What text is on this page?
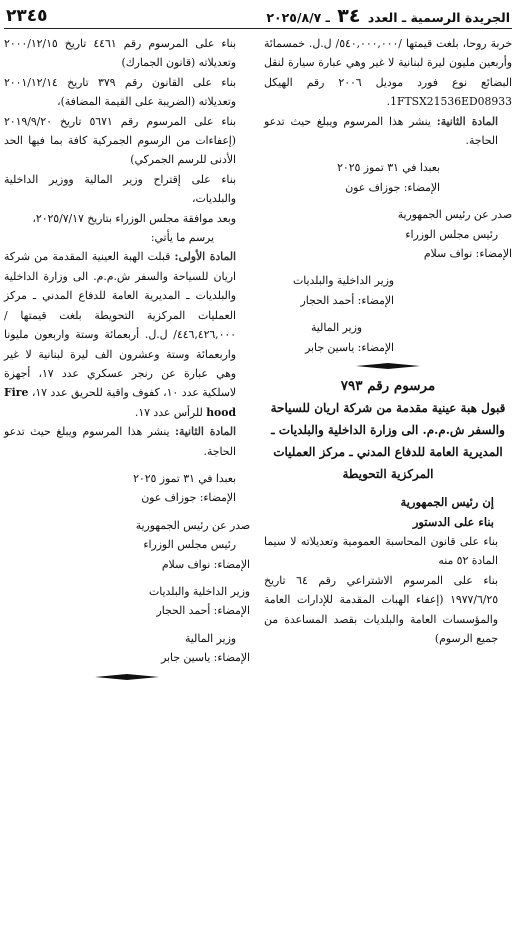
الجريدة الرسمية ـ العدد ٣٤ ـ ٢٠٢٥/٨/٧
٢٣٤٥

خربة روحا، بلغت قيمتها /٥٤٠,٠٠٠,٠٠٠/ ل.ل. خمسمائة وأربعين مليون ليرة لبنانية لا غير وهي عبارة سيارة لنقل البضائع نوع فورد موديل ٢٠٠٦ رقم الهيكل 1FTSX21536ED08933.

المادة الثانية: ينشر هذا المرسوم ويبلغ حيث تدعو الحاجة.

بعبدا في ٣١ تموز ٢٠٢٥

الإمضاء: جوزاف عون

صدر عن رئيس الجمهورية

رئيس مجلس الوزراء

الإمضاء: نواف سلام

وزير الداخلية والبلديات

الإمضاء: أحمد الحجار

وزير المالية

الإمضاء: ياسين جابر

مرسوم رقم ٧٩٣

قبول هبة عينية مقدمة من شركة اريان للسياحة والسفر ش.م.م. الى وزارة الداخلية والبلديات ـ المديرية العامة للدفاع المدني ـ مركز العمليات المركزية التحويطة

إن رئيس الجمهورية

بناء على الدستور

بناء على قانون المحاسبة العمومية وتعديلاته لا سيما المادة ٥٢ منه

بناء على المرسوم الاشتراعي رقم ٦٤ تاريخ ١٩٧٧/٦/٢٥ (إعفاء الهبات المقدمة للإدارات العامة والمؤسسات العامة والبلديات بقصد المساعدة من جميع الرسوم)

بناء على المرسوم رقم ٤٤٦١ تاريخ ٢٠٠٠/١٢/١٥ وتعديلاته (قانون الجمارك)

بناء على القانون رقم ٣٧٩ تاريخ ٢٠٠١/١٢/١٤ وتعديلاته (الضريبة على القيمة المضافة)،

بناء على المرسوم رقم ٥٦٧١ تاريخ ٢٠١٩/٩/٢٠ (إعفاءات من الرسوم الجمركية كافة بما فيها الحد الأدنى للرسم الجمركي)

بناء على إقتراح وزير المالية ووزير الداخلية والبلديات،

وبعد موافقة مجلس الوزراء بتاريخ ٢٠٢٥/٧/١٧،

يرسم ما يأتي:

المادة الأولى: قبلت الهبة العينية المقدمة من شركة اريان للسياحة والسفر ش.م.م. الى وزارة الداخلية والبلديات ـ المديرية العامة للدفاع المدني ـ مركز العمليات المركزية التحويطة بلغت قيمتها /٤٤٦,٤٢٦,٠٠٠/ ل.ل. أربعمائة وستة واربعون مليونا واربعمائة وستة وعشرون الف ليرة لبنانية لا غير وهي عبارة عن رنجر عسكري عدد ١٧، أجهزة لاسلكية عدد ١٠، كفوف واقية للحريق عدد ١٧، Fire hood للرأس عدد ١٧.

المادة الثانية: ينشر هذا المرسوم ويبلغ حيث تدعو الحاجة.

بعبدا في ٣١ تموز ٢٠٢٥

الإمضاء: جوزاف عون

صدر عن رئيس الجمهورية

رئيس مجلس الوزراء

الإمضاء: نواف سلام

وزير الداخلية والبلديات

الإمضاء: أحمد الحجار

وزير المالية

الإمضاء: ياسين جابر
